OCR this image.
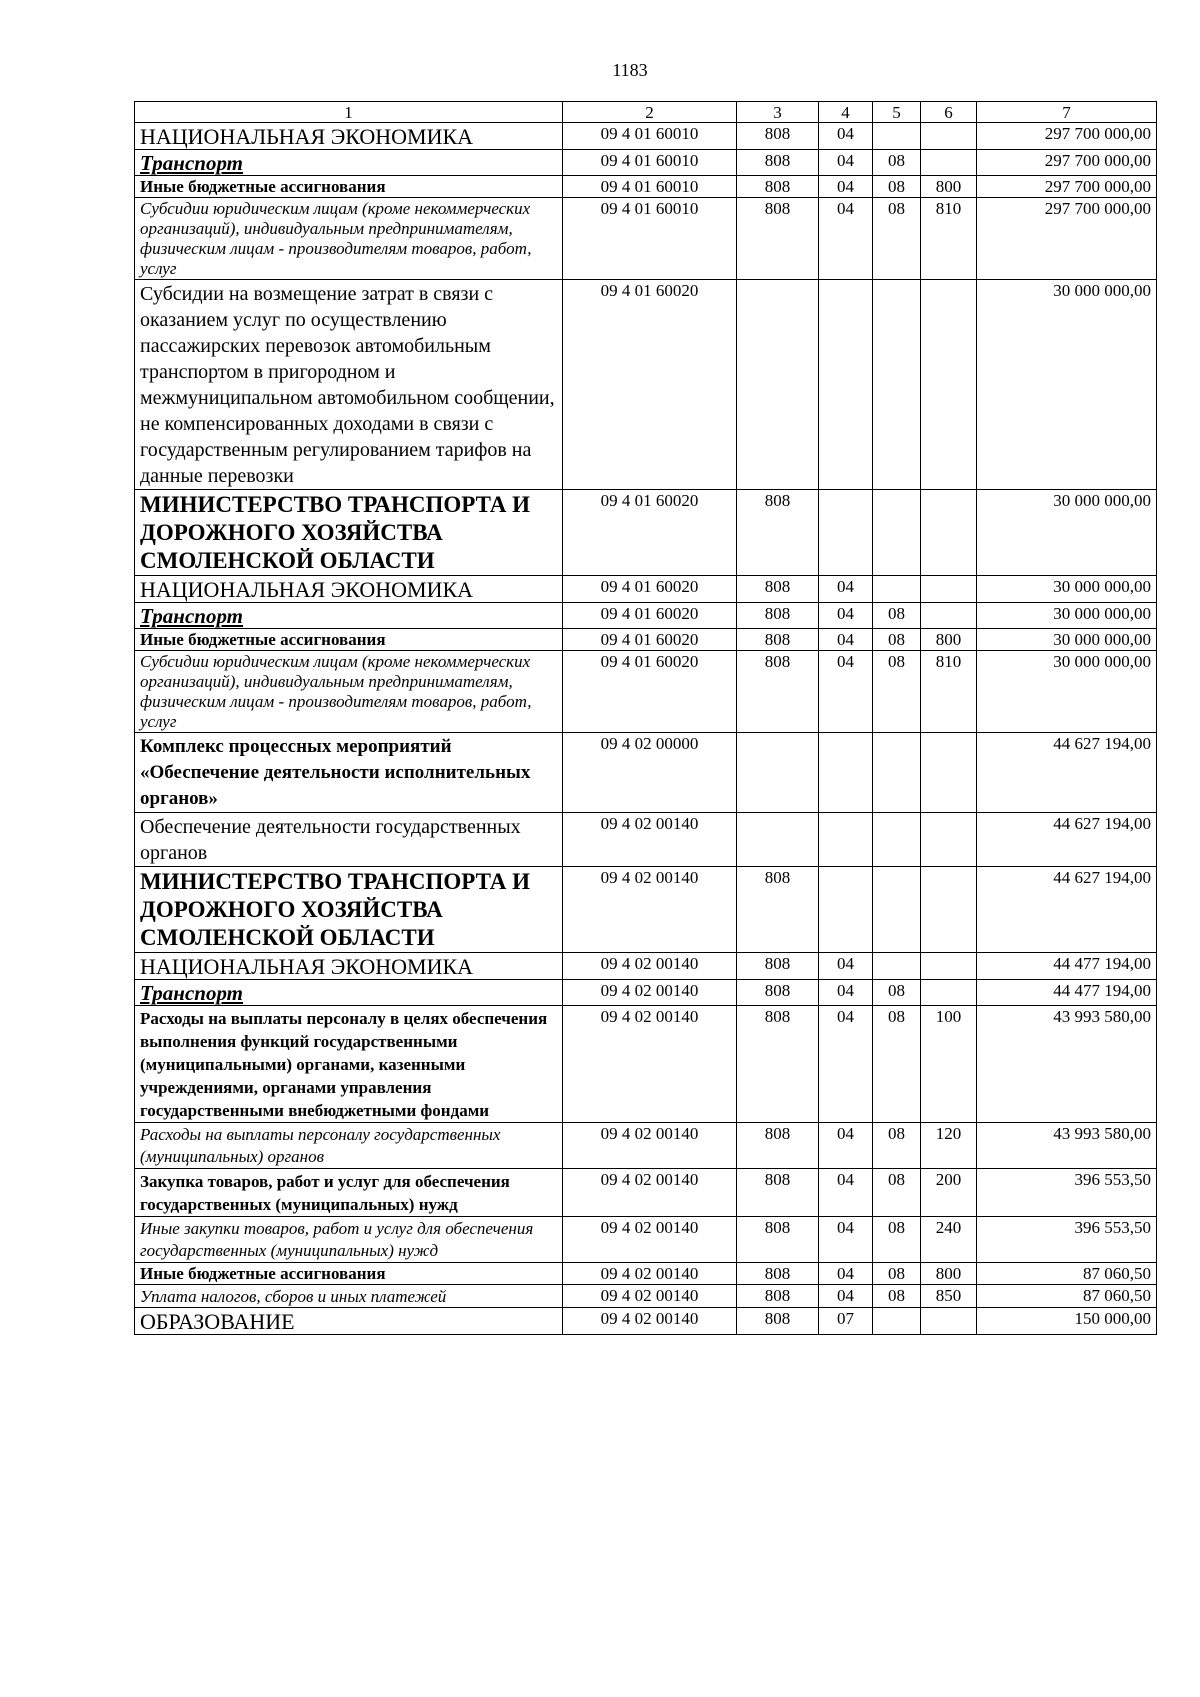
1183
1	2	3	4	5	6	7
НАЦИОНАЛЬНАЯ ЭКОНОМИКА	09 4 01 60010	808	04			297 700 000,00
Транспорт	09 4 01 60010	808	04	08		297 700 000,00
Иные бюджетные ассигнования	09 4 01 60010	808	04	08	800	297 700 000,00
Субсидии юридическим лицам (кроме некоммерческих организаций), индивидуальным предпринимателям, физическим лицам - производителям товаров, работ, услуг	09 4 01 60010	808	04	08	810	297 700 000,00
Субсидии на возмещение затрат в связи с оказанием услуг по осуществлению пассажирских перевозок автомобильным транспортом в пригородном и межмуниципальном автомобильном сообщении, не компенсированных доходами в связи с государственным регулированием тарифов на данные перевозки	09 4 01 60020					30 000 000,00
МИНИСТЕРСТВО ТРАНСПОРТА И ДОРОЖНОГО ХОЗЯЙСТВА СМОЛЕНСКОЙ ОБЛАСТИ	09 4 01 60020	808				30 000 000,00
НАЦИОНАЛЬНАЯ ЭКОНОМИКА	09 4 01 60020	808	04			30 000 000,00
Транспорт	09 4 01 60020	808	04	08		30 000 000,00
Иные бюджетные ассигнования	09 4 01 60020	808	04	08	800	30 000 000,00
Субсидии юридическим лицам (кроме некоммерческих организаций), индивидуальным предпринимателям, физическим лицам - производителям товаров, работ, услуг	09 4 01 60020	808	04	08	810	30 000 000,00
Комплекс процессных мероприятий «Обеспечение деятельности исполнительных органов»	09 4 02 00000					44 627 194,00
Обеспечение деятельности государственных органов	09 4 02 00140					44 627 194,00
МИНИСТЕРСТВО ТРАНСПОРТА И ДОРОЖНОГО ХОЗЯЙСТВА СМОЛЕНСКОЙ ОБЛАСТИ	09 4 02 00140	808				44 627 194,00
НАЦИОНАЛЬНАЯ ЭКОНОМИКА	09 4 02 00140	808	04			44 477 194,00
Транспорт	09 4 02 00140	808	04	08		44 477 194,00
Расходы на выплаты персоналу в целях обеспечения выполнения функций государственными (муниципальными) органами, казенными учреждениями, органами управления государственными внебюджетными фондами	09 4 02 00140	808	04	08	100	43 993 580,00
Расходы на выплаты персоналу государственных (муниципальных) органов	09 4 02 00140	808	04	08	120	43 993 580,00
Закупка товаров, работ и услуг для обеспечения государственных (муниципальных) нужд	09 4 02 00140	808	04	08	200	396 553,50
Иные закупки товаров, работ и услуг для обеспечения государственных (муниципальных) нужд	09 4 02 00140	808	04	08	240	396 553,50
Иные бюджетные ассигнования	09 4 02 00140	808	04	08	800	87 060,50
Уплата налогов, сборов и иных платежей	09 4 02 00140	808	04	08	850	87 060,50
ОБРАЗОВАНИЕ	09 4 02 00140	808	07			150 000,00
